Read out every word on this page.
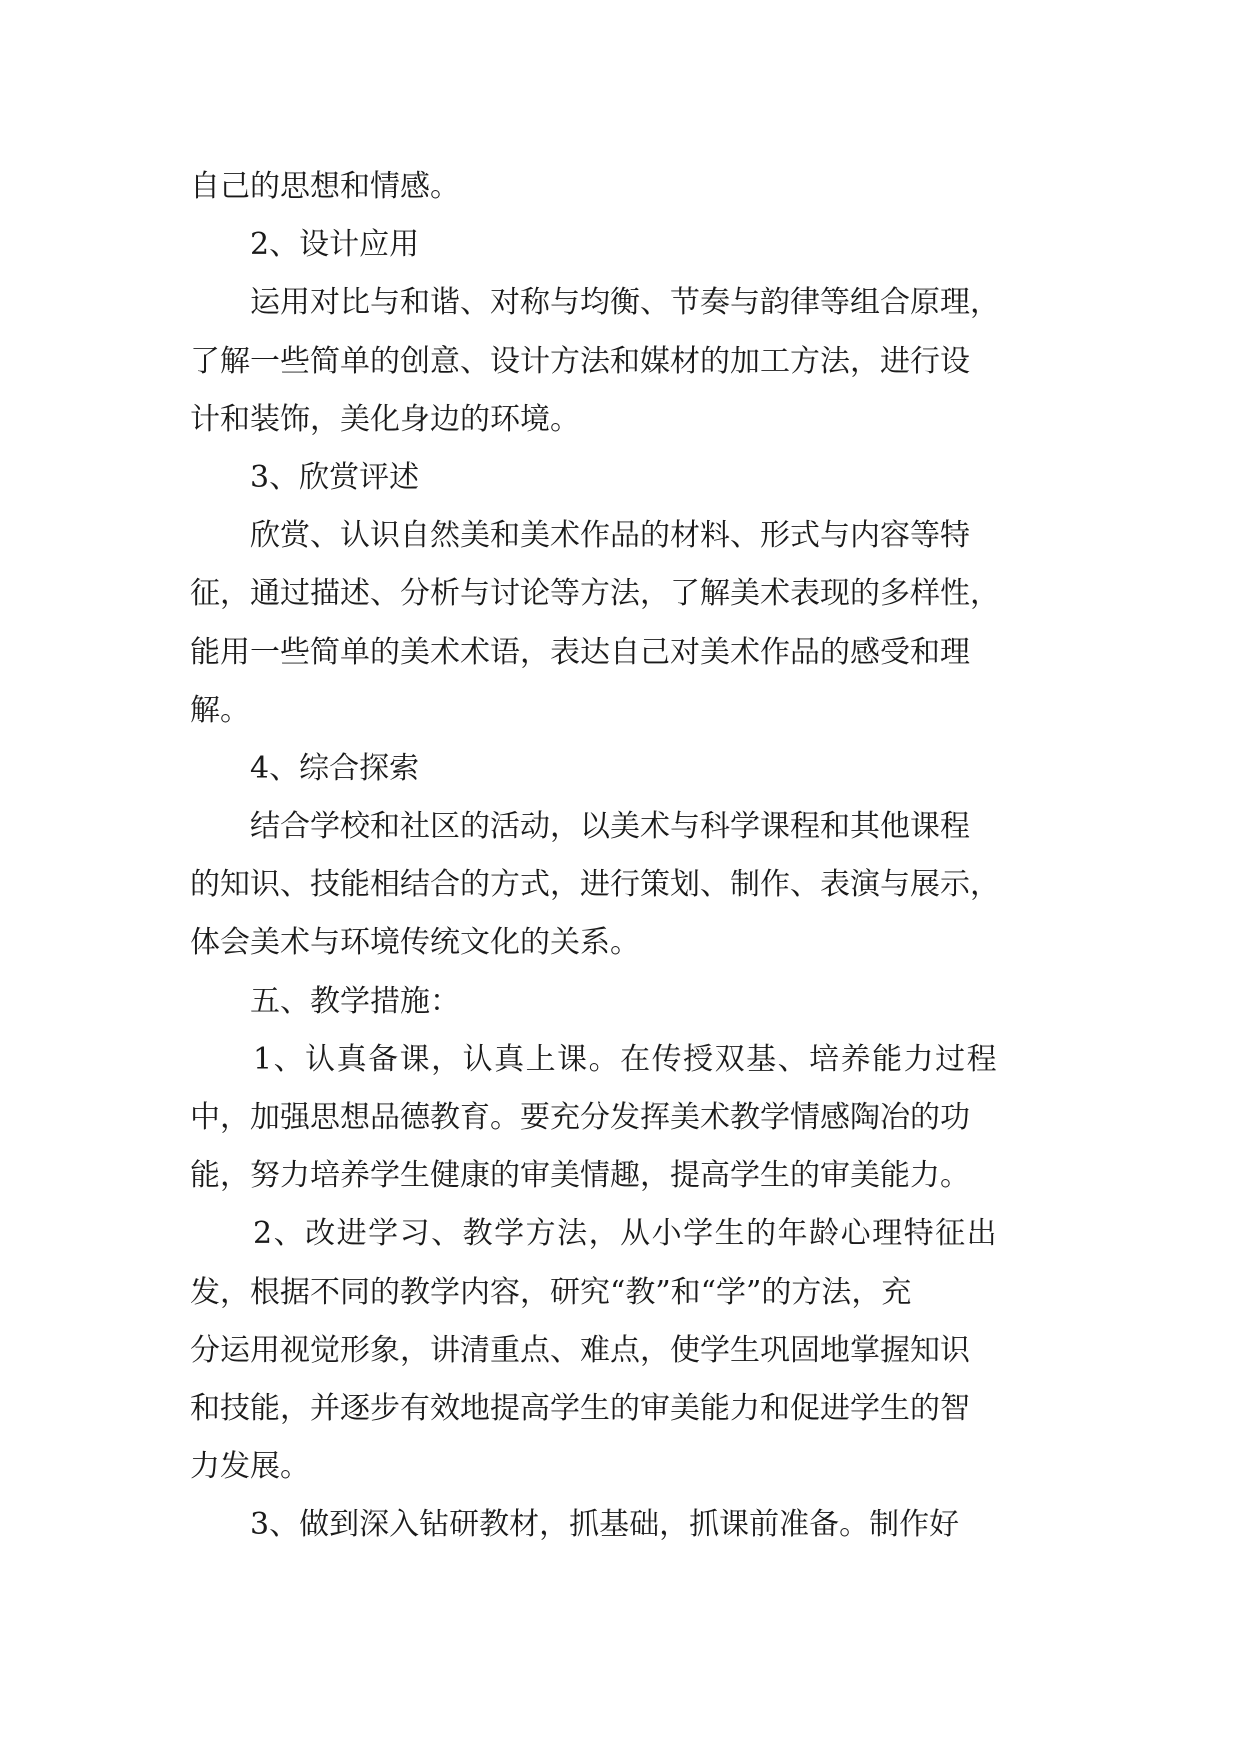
自己的思想和情感。
　　2、设计应用
　　运用对比与和谐、对称与均衡、节奏与韵律等组合原理，
了解一些简单的创意、设计方法和媒材的加工方法，进行设
计和装饰，美化身边的环境。
　　3、欣赏评述
　　欣赏、认识自然美和美术作品的材料、形式与内容等特
征，通过描述、分析与讨论等方法，了解美术表现的多样性，
能用一些简单的美术术语，表达自己对美术作品的感受和理
解。
　　4、综合探索
　　结合学校和社区的活动，以美术与科学课程和其他课程
的知识、技能相结合的方式，进行策划、制作、表演与展示，
体会美术与环境传统文化的关系。
　　五、教学措施：
　　1、认真备课，认真上课。在传授双基、培养能力过程
中，加强思想品德教育。要充分发挥美术教学情感陶冶的功
能，努力培养学生健康的审美情趣，提高学生的审美能力。
　　2、改进学习、教学方法，从小学生的年龄心理特征出
发，根据不同的教学内容，研究“教”和“学”的方法，充
分运用视觉形象，讲清重点、难点，使学生巩固地掌握知识
和技能，并逐步有效地提高学生的审美能力和促进学生的智
力发展。
　　3、做到深入钻研教材，抓基础，抓课前准备。制作好
